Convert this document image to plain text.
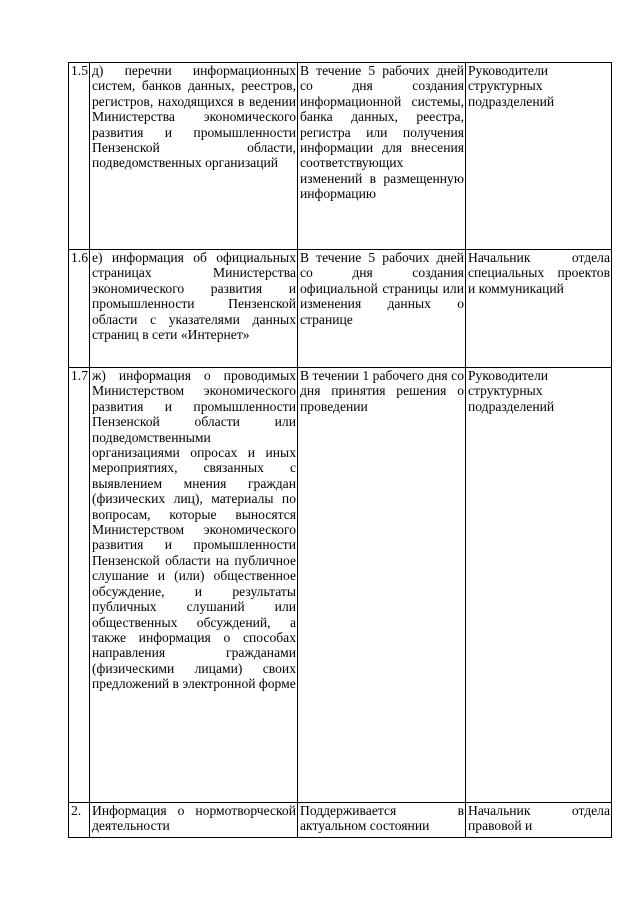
1.5	д) перечни информационных систем, банков данных, реестров, регистров, находящихся в ведении Министерства экономического развития и промышленности Пензенской области, подведомственных организаций	В течение 5 рабочих дней со дня создания информационной системы, банка данных, реестра, регистра или получения информации для внесения соответствующих изменений в размещенную информацию	Руководители структурных подразделений
1.6	е) информация об официальных страницах Министерства экономического развития и промышленности Пензенской области с указателями данных страниц в сети «Интернет»	В течение 5 рабочих дней со дня создания официальной страницы или изменения данных о странице	Начальник отдела специальных проектов и коммуникаций
1.7	ж) информация о проводимых Министерством экономического развития и промышленности Пензенской области или подведомственными организациями опросах и иных мероприятиях, связанных с выявлением мнения граждан (физических лиц), материалы по вопросам, которые выносятся Министерством экономического развития и промышленности Пензенской области на публичное слушание и (или) общественное обсуждение, и результаты публичных слушаний или общественных обсуждений, а также информация о способах направления гражданами (физическими лицами) своих предложений в электронной форме	В течении 1 рабочего дня со дня принятия решения о проведении	Руководители структурных подразделений
2.	Информация о нормотворческой деятельности	Поддерживается в актуальном состоянии	Начальник отдела правовой и
